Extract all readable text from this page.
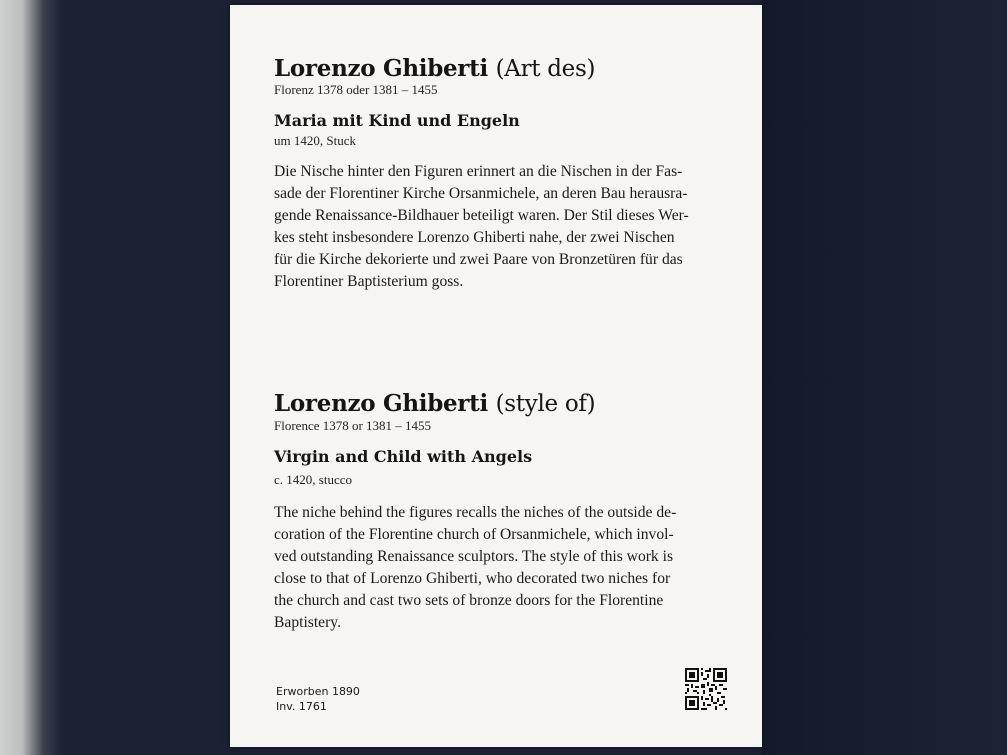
Lorenzo Ghiberti (Art des)

Florenz 1378 oder 1381 – 1455

Maria mit Kind und Engeln

um 1420, Stuck

Die Nische hinter den Figuren erinnert an die Nischen in der Fas-
sade der Florentiner Kirche Orsanmichele, an deren Bau herausra-
gende Renaissance-Bildhauer beteiligt waren. Der Stil dieses Wer-
kes steht insbesondere Lorenzo Ghiberti nahe, der zwei Nischen
für die Kirche dekorierte und zwei Paare von Bronzetüren für das
Florentiner Baptisterium goss.
Lorenzo Ghiberti (style of)

Florence 1378 or 1381 – 1455

Virgin and Child with Angels

c. 1420, stucco

The niche behind the figures recalls the niches of the outside de-
coration of the Florentine church of Orsanmichele, which invol-
ved outstanding Renaissance sculptors. The style of this work is
close to that of Lorenzo Ghiberti, who decorated two niches for
the church and cast two sets of bronze doors for the Florentine
Baptistery.

Erworben 1890

Inv. 1761
